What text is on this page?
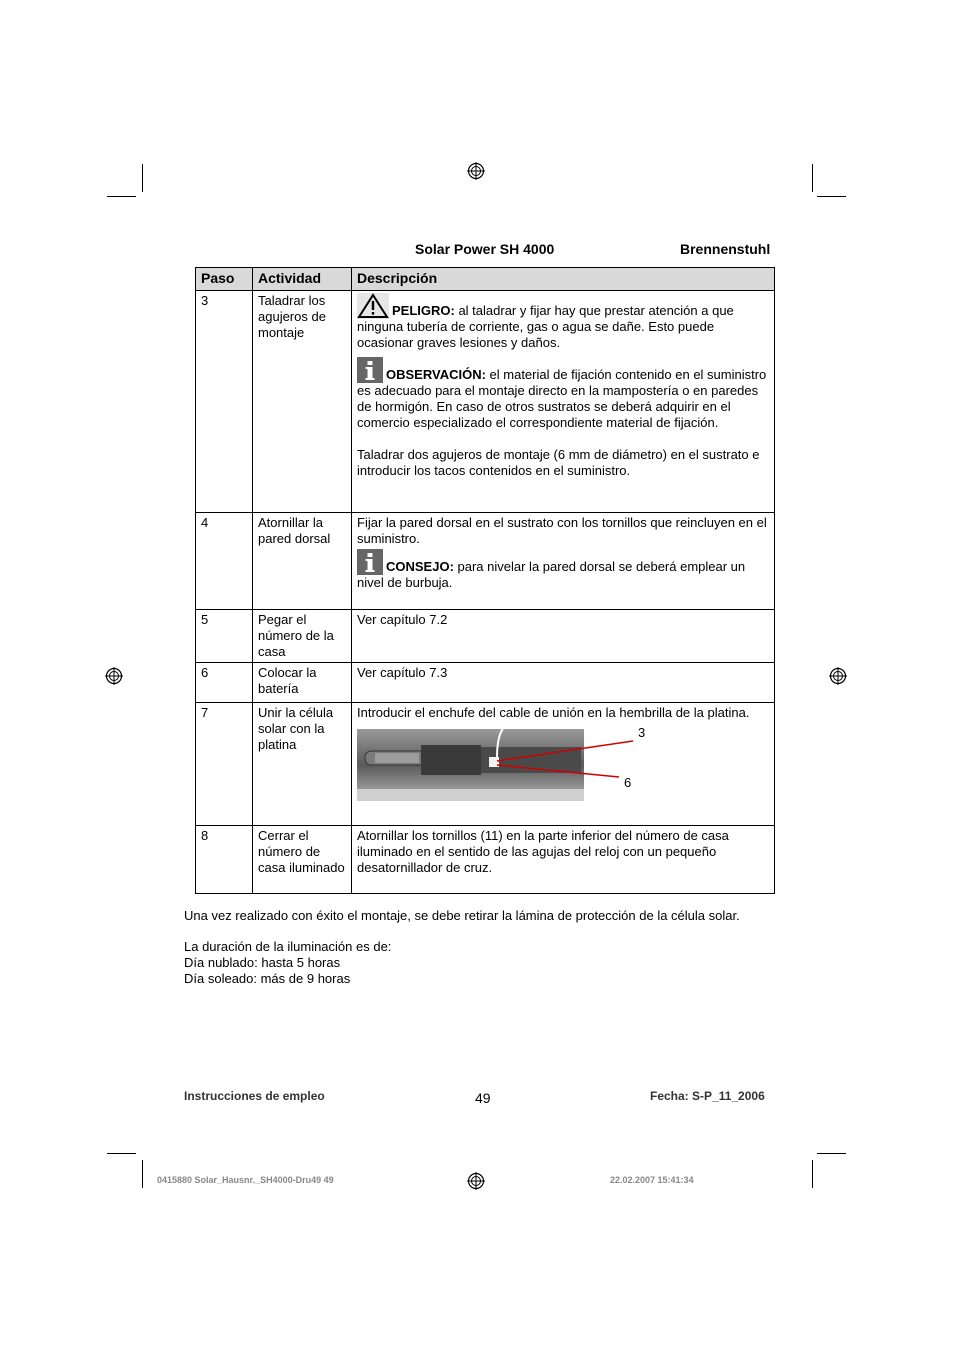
Solar Power SH 4000	Brennenstuhl
Paso	Actividad	Descripción
3	Taladrar los agujeros de montaje	PELIGRO: al taladrar y fijar hay que prestar atención a que ninguna tubería de corriente, gas o agua se dañe. Esto puede ocasionar graves lesiones y daños.

OBSERVACIÓN: el material de fijación contenido en el suministro es adecuado para el montaje directo en la mampostería o en paredes de hormigón. En caso de otros sustratos se deberá adquirir en el comercio especializado el correspondiente material de fijación.

Taladrar dos agujeros de montaje (6 mm de diámetro) en el sustrato e introducir los tacos contenidos en el suministro.

4	Atornillar la pared dorsal	Fijar la pared dorsal en el sustrato con los tornillos que reincluyen en el suministro.

CONSEJO: para nivelar la pared dorsal se deberá emplear un nivel de burbuja.

5	Pegar el número de la casa	Ver capítulo 7.2
6	Colocar la batería	Ver capítulo 7.3
7	Unir la célula solar con la platina	Introducir el enchufe del cable de unión en la hembrilla de la platina.

3
6

8	Cerrar el número de casa iluminado	Atornillar los tornillos (11) en la parte inferior del número de casa iluminado en el sentido de las agujas del reloj con un pequeño desatornillador de cruz.
Una vez realizado con éxito el montaje, se debe retirar la lámina de protección de la célula solar.
La duración de la iluminación es de:
Día nublado: hasta 5 horas
Día soleado: más de 9 horas
Instrucciones de empleo	49	Fecha: S-P_11_2006
0415880 Solar_Hausnr._SH4000-Dru49 49	22.02.2007 15:41:34
